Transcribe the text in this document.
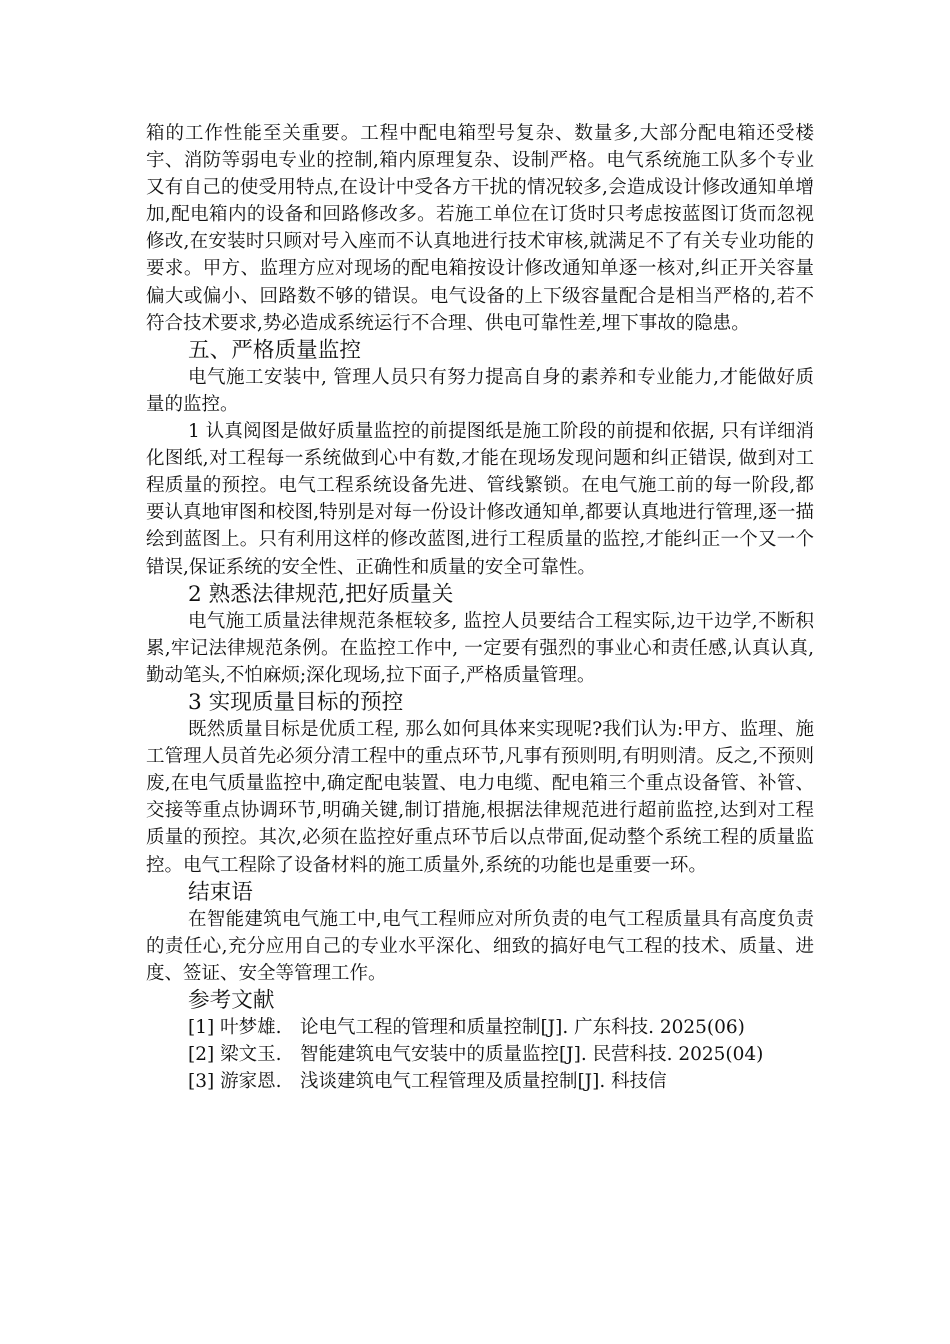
箱的工作性能至关重要。工程中配电箱型号复杂、数量多,大部分配电箱还受楼宇、消防等弱电专业的控制,箱内原理复杂、设制严格。电气系统施工队多个专业又有自己的使受用特点,在设计中受各方干扰的情况较多,会造成设计修改通知单增加,配电箱内的设备和回路修改多。若施工单位在订货时只考虑按蓝图订货而忽视修改,在安装时只顾对号入座而不认真地进行技术审核,就满足不了有关专业功能的要求。甲方、监理方应对现场的配电箱按设计修改通知单逐一核对,纠正开关容量偏大或偏小、回路数不够的错误。电气设备的上下级容量配合是相当严格的,若不符合技术要求,势必造成系统运行不合理、供电可靠性差,埋下事故的隐患。

五、严格质量监控

电气施工安装中, 管理人员只有努力提高自身的素养和专业能力,才能做好质量的监控。

1 认真阅图是做好质量监控的前提图纸是施工阶段的前提和依据, 只有详细消化图纸,对工程每一系统做到心中有数,才能在现场发现问题和纠正错误, 做到对工程质量的预控。电气工程系统设备先进、管线繁锁。在电气施工前的每一阶段,都要认真地审图和校图,特别是对每一份设计修改通知单,都要认真地进行管理,逐一描绘到蓝图上。只有利用这样的修改蓝图,进行工程质量的监控,才能纠正一个又一个错误,保证系统的安全性、正确性和质量的安全可靠性。

2 熟悉法律规范,把好质量关

电气施工质量法律规范条框较多, 监控人员要结合工程实际,边干边学,不断积累,牢记法律规范条例。在监控工作中, 一定要有强烈的事业心和责任感,认真认真,勤动笔头,不怕麻烦;深化现场,拉下面子,严格质量管理。

3 实现质量目标的预控

既然质量目标是优质工程, 那么如何具体来实现呢?我们认为:甲方、监理、施工管理人员首先必须分清工程中的重点环节,凡事有预则明,有明则清。反之,不预则废,在电气质量监控中,确定配电装置、电力电缆、配电箱三个重点设备管、补管、交接等重点协调环节,明确关键,制订措施,根据法律规范进行超前监控,达到对工程质量的预控。其次,必须在监控好重点环节后以点带面,促动整个系统工程的质量监控。电气工程除了设备材料的施工质量外,系统的功能也是重要一环。

结束语

在智能建筑电气施工中,电气工程师应对所负责的电气工程质量具有高度负责的责任心,充分应用自己的专业水平深化、细致的搞好电气工程的技术、质量、进度、签证、安全等管理工作。

参考文献

[1] 叶梦雄.　论电气工程的管理和质量控制[J]. 广东科技. 2025(06)

[2] 梁文玉.　智能建筑电气安装中的质量监控[J]. 民营科技. 2025(04)

[3] 游家恩.　浅谈建筑电气工程管理及质量控制[J]. 科技信
